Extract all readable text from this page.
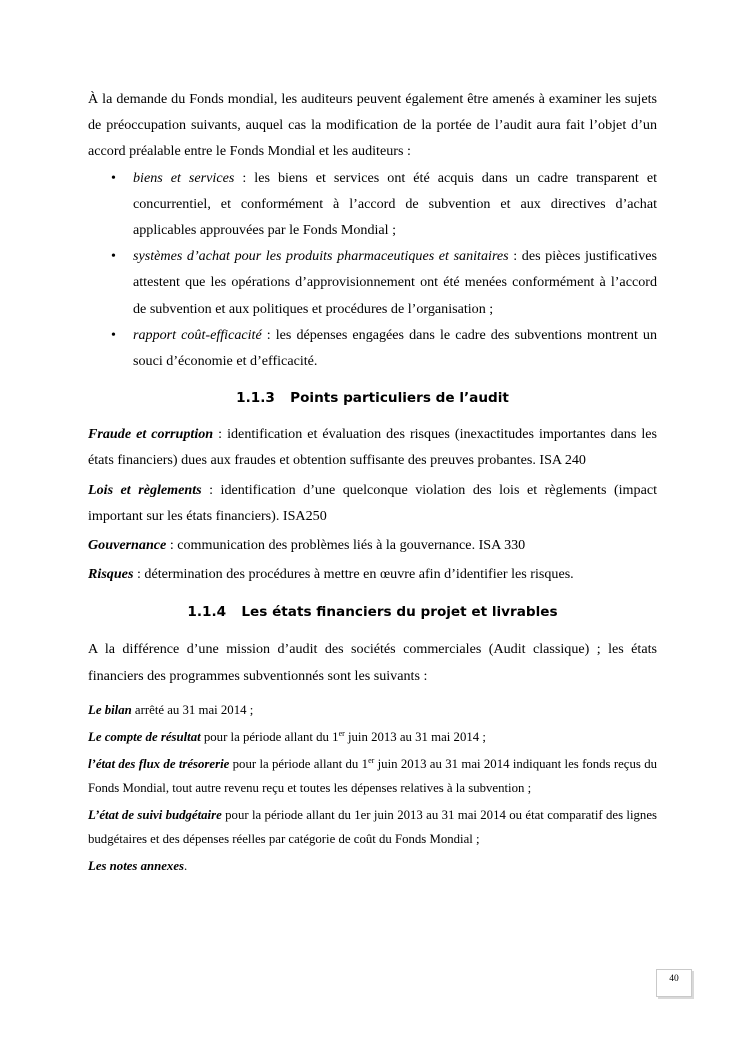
À la demande du Fonds mondial, les auditeurs peuvent également être amenés à examiner les sujets de préoccupation suivants, auquel cas la modification de la portée de l’audit aura fait l’objet d’un accord préalable entre le Fonds Mondial et les auditeurs :

• biens et services : les biens et services ont été acquis dans un cadre transparent et concurrentiel, et conformément à l’accord de subvention et aux directives d’achat applicables approuvées par le Fonds Mondial ;
• systèmes d’achat pour les produits pharmaceutiques et sanitaires : des pièces justificatives attestent que les opérations d’approvisionnement ont été menées conformément à l’accord de subvention et aux politiques et procédures de l’organisation ;
• rapport coût-efficacité : les dépenses engagées dans le cadre des subventions montrent un souci d’économie et d’efficacité.
1.1.3 Points particuliers de l’audit

Fraude et corruption : identification et évaluation des risques (inexactitudes importantes dans les états financiers) dues aux fraudes et obtention suffisante des preuves probantes. ISA 240

Lois et règlements : identification d’une quelconque violation des lois et règlements (impact important sur les états financiers). ISA250

Gouvernance : communication des problèmes liés à la gouvernance. ISA 330

Risques : détermination des procédures à mettre en œuvre afin d’identifier les risques.

1.1.4 Les états financiers du projet et livrables

A la différence d’une mission d’audit des sociétés commerciales (Audit classique) ; les états financiers des programmes subventionnés sont les suivants :

Le bilan arrêté au 31 mai 2014 ;

Le compte de résultat pour la période allant du 1er juin 2013 au 31 mai 2014 ;

l’état des flux de trésorerie pour la période allant du 1er juin 2013 au 31 mai 2014 indiquant les fonds reçus du Fonds Mondial, tout autre revenu reçu et toutes les dépenses relatives à la subvention ;

L’état de suivi budgétaire pour la période allant du 1er juin 2013 au 31 mai 2014 ou état comparatif des lignes budgétaires et des dépenses réelles par catégorie de coût du Fonds Mondial ;

Les notes annexes.

40
